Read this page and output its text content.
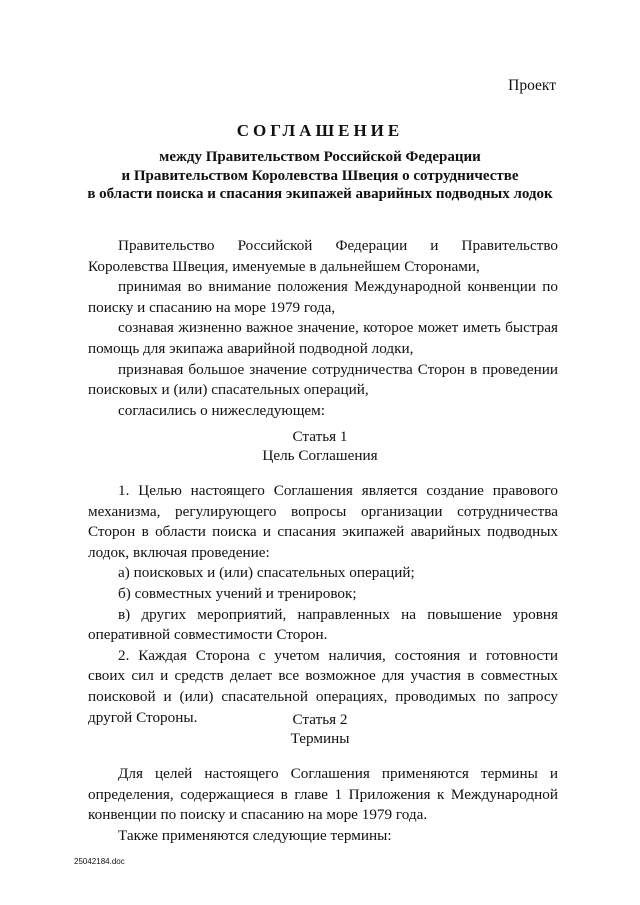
Проект
СОГЛАШЕНИЕ
между Правительством Российской Федерации
и Правительством Королевства Швеция о сотрудничестве
в области поиска и спасания экипажей аварийных подводных лодок

Правительство Российской Федерации и Правительство Королевства Швеция, именуемые в дальнейшем Сторонами,

принимая во внимание положения Международной конвенции по поиску и спасанию на море 1979 года,

сознавая жизненно важное значение, которое может иметь быстрая помощь для экипажа аварийной подводной лодки,

признавая большое значение сотрудничества Сторон в проведении поисковых и (или) спасательных операций,

согласились о нижеследующем:

Статья 1
Цель Соглашения

1. Целью настоящего Соглашения является создание правового механизма, регулирующего вопросы организации сотрудничества Сторон в области поиска и спасания экипажей аварийных подводных лодок, включая проведение:

а) поисковых и (или) спасательных операций;

б) совместных учений и тренировок;

в) других мероприятий, направленных на повышение уровня оперативной совместимости Сторон.

2. Каждая Сторона с учетом наличия, состояния и готовности своих сил и средств делает все возможное для участия в совместных поисковой и (или) спасательной операциях, проводимых по запросу другой Стороны.	Статья 2
Термины

Для целей настоящего Соглашения применяются термины и определения, содержащиеся в главе 1 Приложения к Международной конвенции по поиску и спасанию на море 1979 года.

Также применяются следующие термины:

25042184.doc
